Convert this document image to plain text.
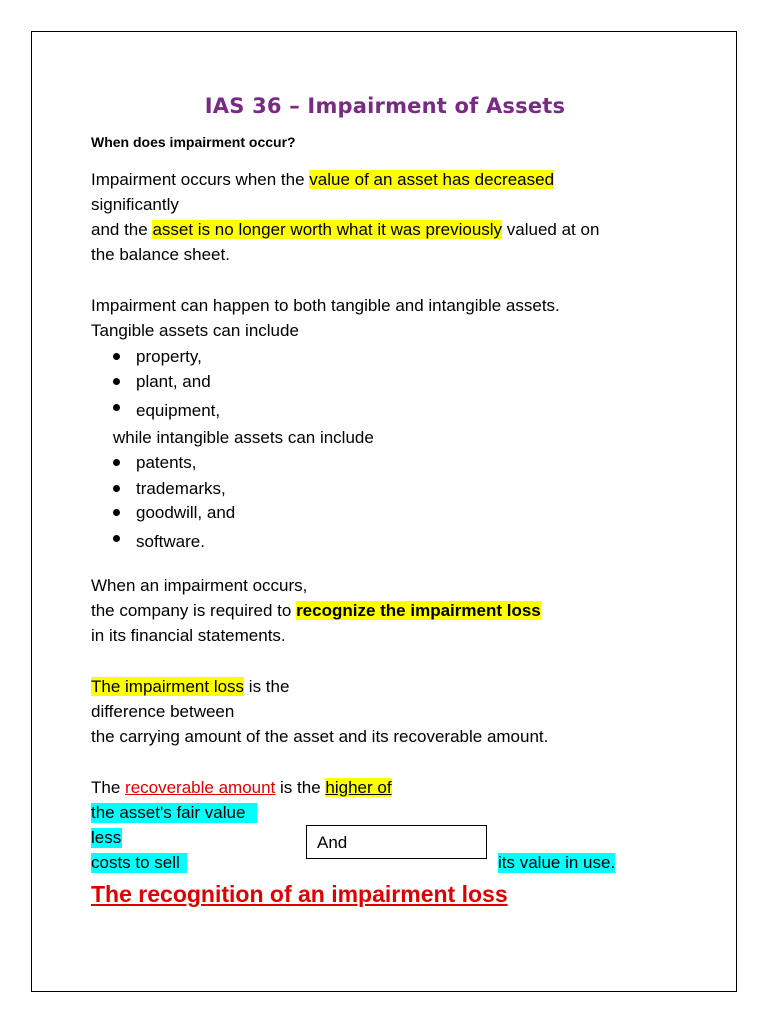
IAS 36 – Impairment of Assets
When does impairment occur?
Impairment occurs when the value of an asset has decreased
significantly
and the asset is no longer worth what it was previously valued at on
the balance sheet.
Impairment can happen to both tangible and intangible assets.
Tangible assets can include
property,
plant, and
equipment,
while intangible assets can include
patents,
trademarks,
goodwill, and
software.
When an impairment occurs,
the company is required to recognize the impairment loss
in its financial statements.
The impairment loss is the
difference between
the carrying amount of the asset and its recoverable amount.
The recoverable amount is the higher of
the asset's fair value
less
costs to sell
And
its value in use.
The recognition of an impairment loss
